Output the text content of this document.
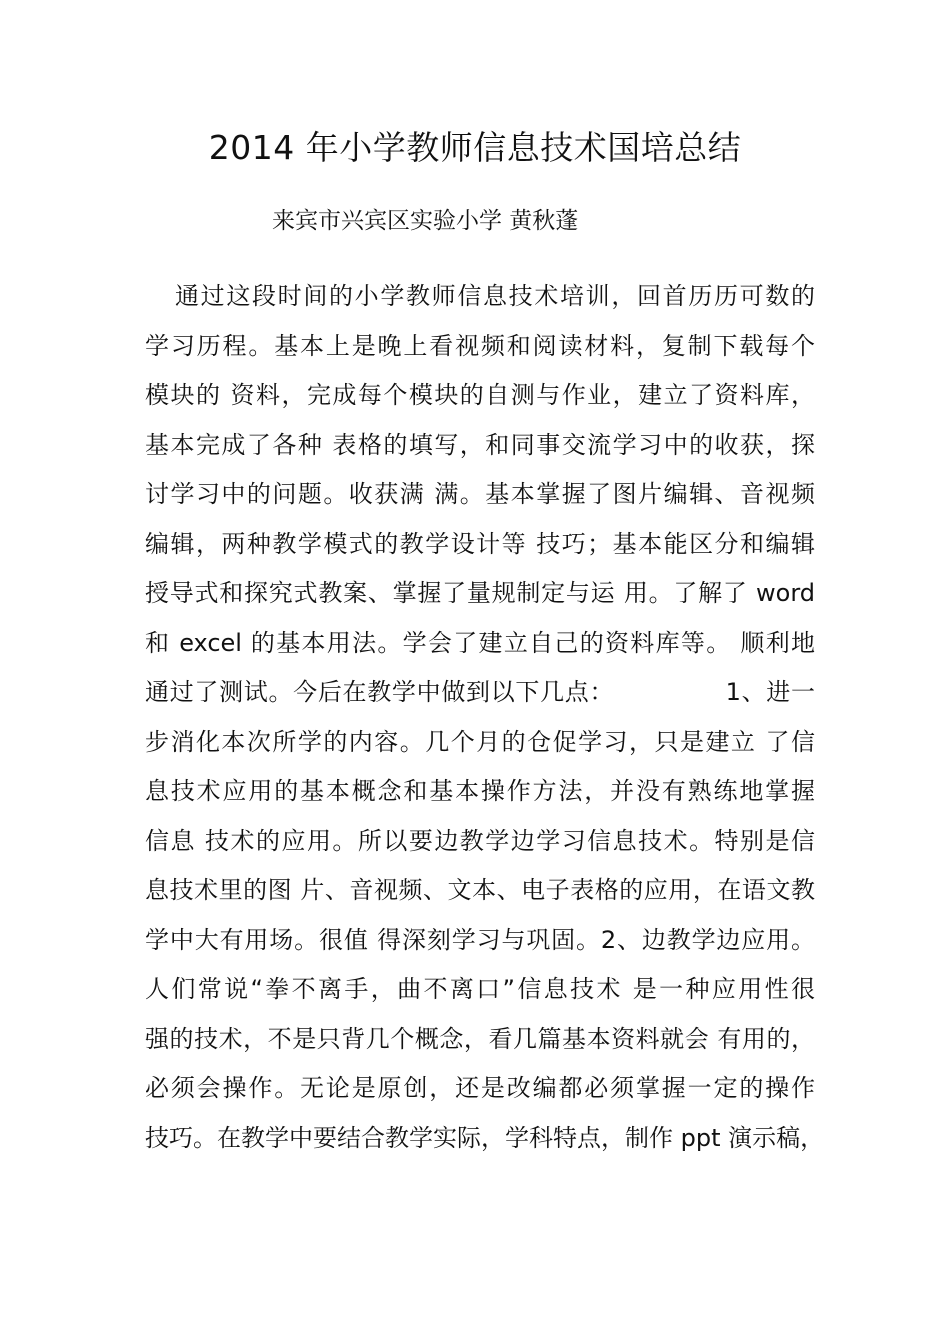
2014 年小学教师信息技术国培总结
来宾市兴宾区实验小学 黄秋蓬
通过这段时间的小学教师信息技术培训，回首历历可数的
学习历程。基本上是晚上看视频和阅读材料，复制下载每个
模块的 资料，完成每个模块的自测与作业，建立了资料库，
基本完成了各种 表格的填写，和同事交流学习中的收获，探
讨学习中的问题。收获满 满。基本掌握了图片编辑、音视频
编辑，两种教学模式的教学设计等 技巧；基本能区分和编辑
授导式和探究式教案、掌握了量规制定与运 用。了解了 word
和 excel 的基本用法。学会了建立自己的资料库等。 顺利地
通过了测试。今后在教学中做到以下几点：　　　　　1、进一
步消化本次所学的内容。几个月的仓促学习，只是建立 了信
息技术应用的基本概念和基本操作方法，并没有熟练地掌握
信息 技术的应用。所以要边教学边学习信息技术。特别是信
息技术里的图 片、音视频、文本、电子表格的应用，在语文教
学中大有用场。很值 得深刻学习与巩固。2、边教学边应用。
人们常说“拳不离手，曲不离口”信息技术 是一种应用性很
强的技术，不是只背几个概念，看几篇基本资料就会 有用的，
必须会操作。无论是原创，还是改编都必须掌握一定的操作
技巧。在教学中要结合教学实际，学科特点，制作 ppt 演示稿，
